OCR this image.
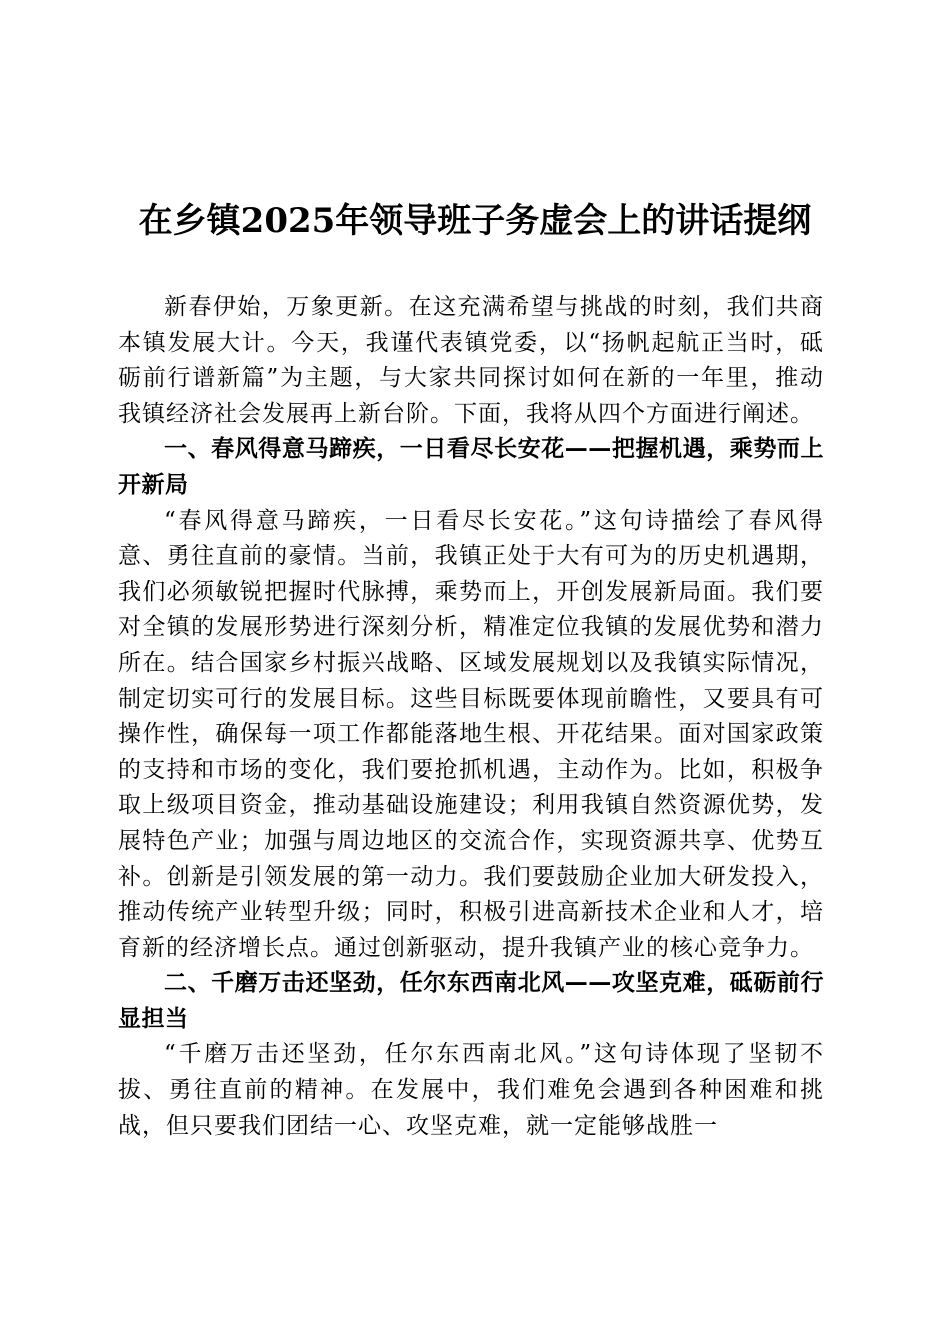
在乡镇2025年领导班子务虚会上的讲话提纲

新春伊始，万象更新。在这充满希望与挑战的时刻，我们共商本镇发展大计。今天，我谨代表镇党委，以“扬帆起航正当时，砥砺前行谱新篇”为主题，与大家共同探讨如何在新的一年里，推动我镇经济社会发展再上新台阶。下面，我将从四个方面进行阐述。

一、春风得意马蹄疾，一日看尽长安花——把握机遇，乘势而上开新局

“春风得意马蹄疾，一日看尽长安花。”这句诗描绘了春风得意、勇往直前的豪情。当前，我镇正处于大有可为的历史机遇期，我们必须敏锐把握时代脉搏，乘势而上，开创发展新局面。我们要对全镇的发展形势进行深刻分析，精准定位我镇的发展优势和潜力所在。结合国家乡村振兴战略、区域发展规划以及我镇实际情况，制定切实可行的发展目标。这些目标既要体现前瞻性，又要具有可操作性，确保每一项工作都能落地生根、开花结果。面对国家政策的支持和市场的变化，我们要抢抓机遇，主动作为。比如，积极争取上级项目资金，推动基础设施建设；利用我镇自然资源优势，发展特色产业；加强与周边地区的交流合作，实现资源共享、优势互补。创新是引领发展的第一动力。我们要鼓励企业加大研发投入，推动传统产业转型升级；同时，积极引进高新技术企业和人才，培育新的经济增长点。通过创新驱动，提升我镇产业的核心竞争力。

二、千磨万击还坚劲，任尔东西南北风——攻坚克难，砥砺前行显担当

“千磨万击还坚劲，任尔东西南北风。”这句诗体现了坚韧不拔、勇往直前的精神。在发展中，我们难免会遇到各种困难和挑战，但只要我们团结一心、攻坚克难，就一定能够战胜一
